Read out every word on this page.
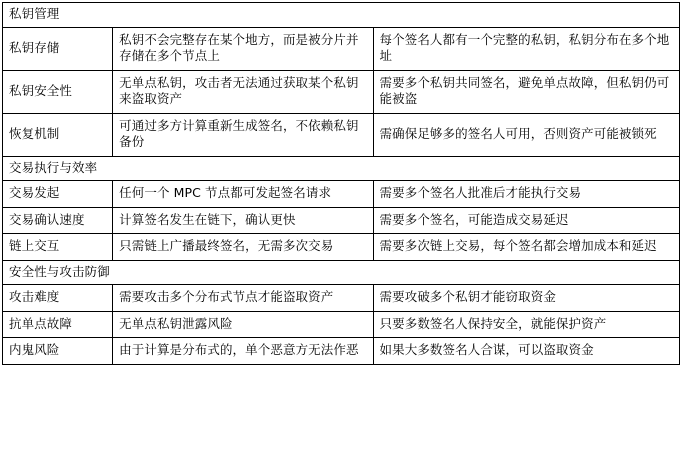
私钥管理		
私钥存储	私钥不会完整存在某个地方，而是被分片并存储在多个节点上	每个签名人都有一个完整的私钥，私钥分布在多个地址
私钥安全性	无单点私钥，攻击者无法通过获取某个私钥来盗取资产	需要多个私钥共同签名，避免单点故障，但私钥仍可能被盗
恢复机制	可通过多方计算重新生成签名，不依赖私钥备份	需确保足够多的签名人可用，否则资产可能被锁死
交易执行与效率		
交易发起	任何一个 MPC 节点都可发起签名请求	需要多个签名人批准后才能执行交易
交易确认速度	计算签名发生在链下，确认更快	需要多个签名，可能造成交易延迟
链上交互	只需链上广播最终签名，无需多次交易	需要多次链上交易，每个签名都会增加成本和延迟
安全性与攻击防御		
攻击难度	需要攻击多个分布式节点才能盗取资产	需要攻破多个私钥才能窃取资金
抗单点故障	无单点私钥泄露风险	只要多数签名人保持安全，就能保护资产
内鬼风险	由于计算是分布式的，单个恶意方无法作恶	如果大多数签名人合谋，可以盗取资金
